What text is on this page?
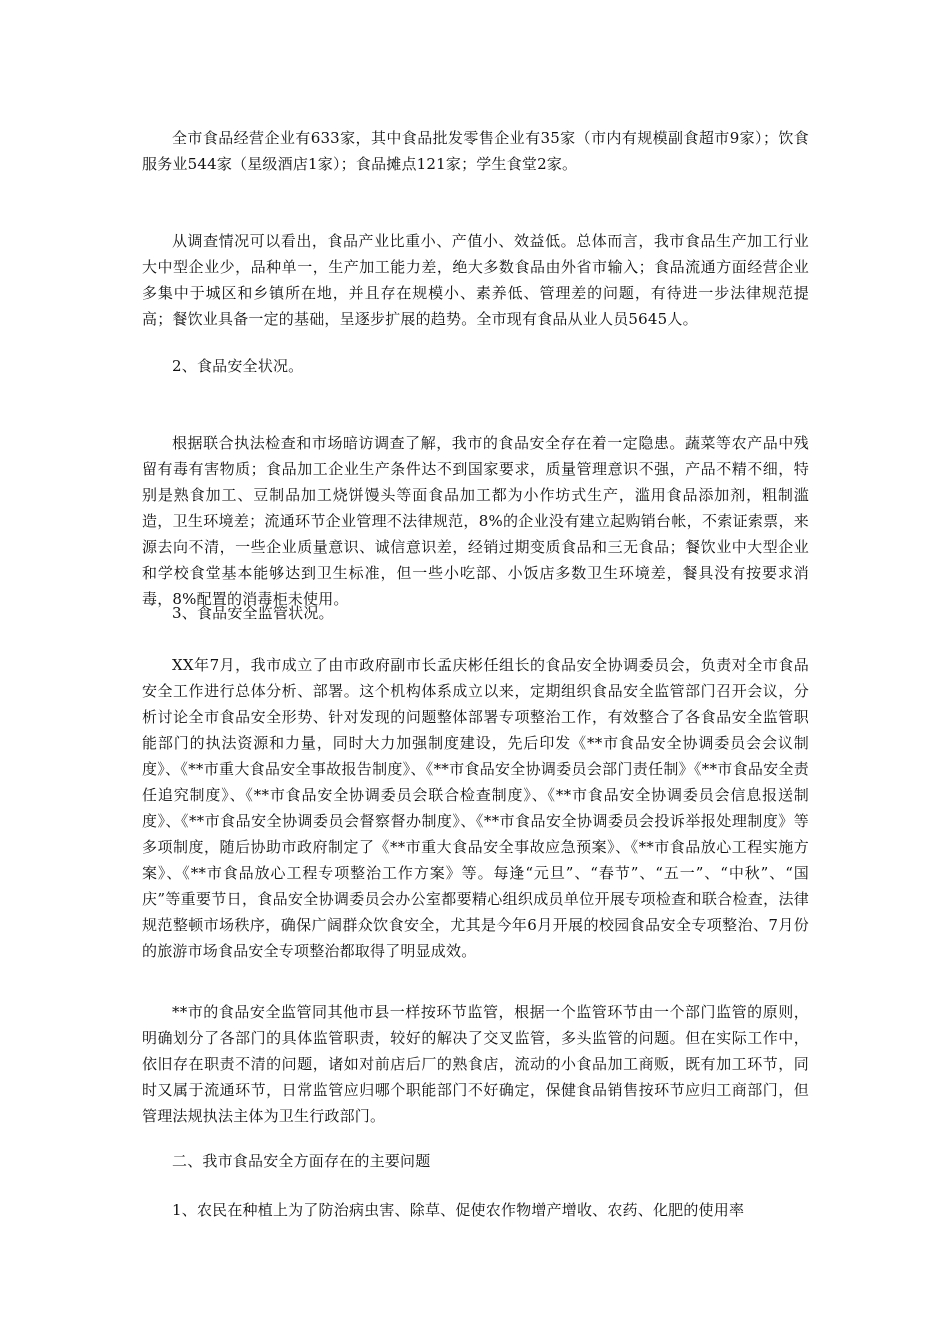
全市食品经营企业有633家，其中食品批发零售企业有35家（市内有规模副食超市9家）；饮食服务业544家（星级酒店1家）；食品摊点121家；学生食堂2家。

从调查情况可以看出，食品产业比重小、产值小、效益低。总体而言，我市食品生产加工行业大中型企业少，品种单一，生产加工能力差，绝大多数食品由外省市输入；食品流通方面经营企业多集中于城区和乡镇所在地，并且存在规模小、素养低、管理差的问题，有待进一步法律规范提高；餐饮业具备一定的基础，呈逐步扩展的趋势。全市现有食品从业人员5645人。

2、食品安全状况。

根据联合执法检查和市场暗访调查了解，我市的食品安全存在着一定隐患。蔬菜等农产品中残留有毒有害物质；食品加工企业生产条件达不到国家要求，质量管理意识不强，产品不精不细，特别是熟食加工、豆制品加工烧饼馒头等面食品加工都为小作坊式生产，滥用食品添加剂，粗制滥造，卫生环境差；流通环节企业管理不法律规范，8%的企业没有建立起购销台帐，不索证索票，来源去向不清，一些企业质量意识、诚信意识差，经销过期变质食品和三无食品；餐饮业中大型企业和学校食堂基本能够达到卫生标准，但一些小吃部、小饭店多数卫生环境差，餐具没有按要求消毒，8%配置的消毒柜未使用。

3、食品安全监管状况。

XX年7月，我市成立了由市政府副市长孟庆彬任组长的食品安全协调委员会，负责对全市食品安全工作进行总体分析、部署。这个机构体系成立以来，定期组织食品安全监管部门召开会议，分析讨论全市食品安全形势、针对发现的问题整体部署专项整治工作，有效整合了各食品安全监管职能部门的执法资源和力量，同时大力加强制度建设，先后印发《**市食品安全协调委员会会议制度》、《**市重大食品安全事故报告制度》、《**市食品安全协调委员会部门责任制》《**市食品安全责任追究制度》、《**市食品安全协调委员会联合检查制度》、《**市食品安全协调委员会信息报送制度》、《**市食品安全协调委员会督察督办制度》、《**市食品安全协调委员会投诉举报处理制度》等多项制度，随后协助市政府制定了《**市重大食品安全事故应急预案》、《**市食品放心工程实施方案》、《**市食品放心工程专项整治工作方案》等。每逢“元旦”、“春节”、“五一”、“中秋”、“国庆”等重要节日，食品安全协调委员会办公室都要精心组织成员单位开展专项检查和联合检查，法律规范整顿市场秩序，确保广阔群众饮食安全，尤其是今年6月开展的校园食品安全专项整治、7月份的旅游市场食品安全专项整治都取得了明显成效。

**市的食品安全监管同其他市县一样按环节监管，根据一个监管环节由一个部门监管的原则，明确划分了各部门的具体监管职责，较好的解决了交叉监管，多头监管的问题。但在实际工作中，依旧存在职责不清的问题，诸如对前店后厂的熟食店，流动的小食品加工商贩，既有加工环节，同时又属于流通环节，日常监管应归哪个职能部门不好确定，保健食品销售按环节应归工商部门，但管理法规执法主体为卫生行政部门。

二、我市食品安全方面存在的主要问题

1、农民在种植上为了防治病虫害、除草、促使农作物增产增收、农药、化肥的使用率
